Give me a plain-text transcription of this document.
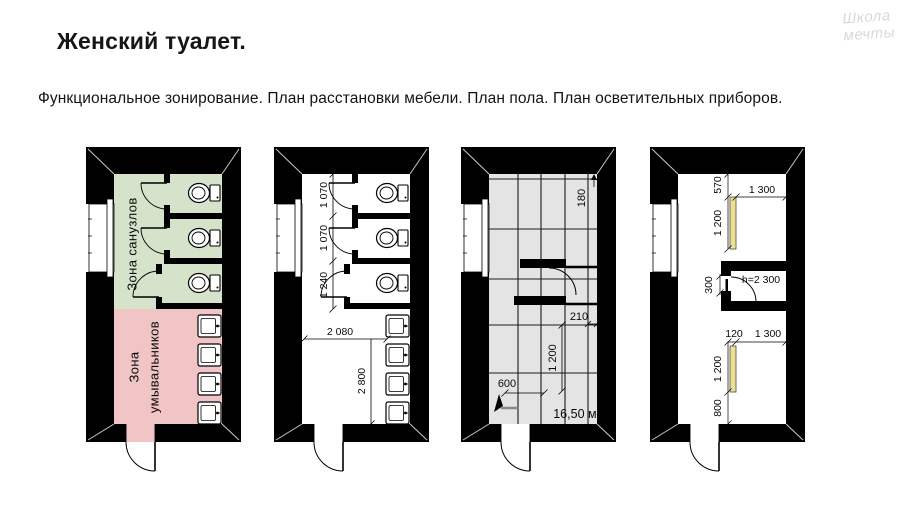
Женский туалет.
Функциональное зонирование. План расстановки мебели. План пола. План осветительных приборов.
Школа
мечты
Зона санузлов
Зона умывальников
1 070
1 070
1 240
2 080
2 800
180
210
1 200
600
16,50 м²
570 1 300
1 200
300	h=2 300
120 1 300
1 200
800
